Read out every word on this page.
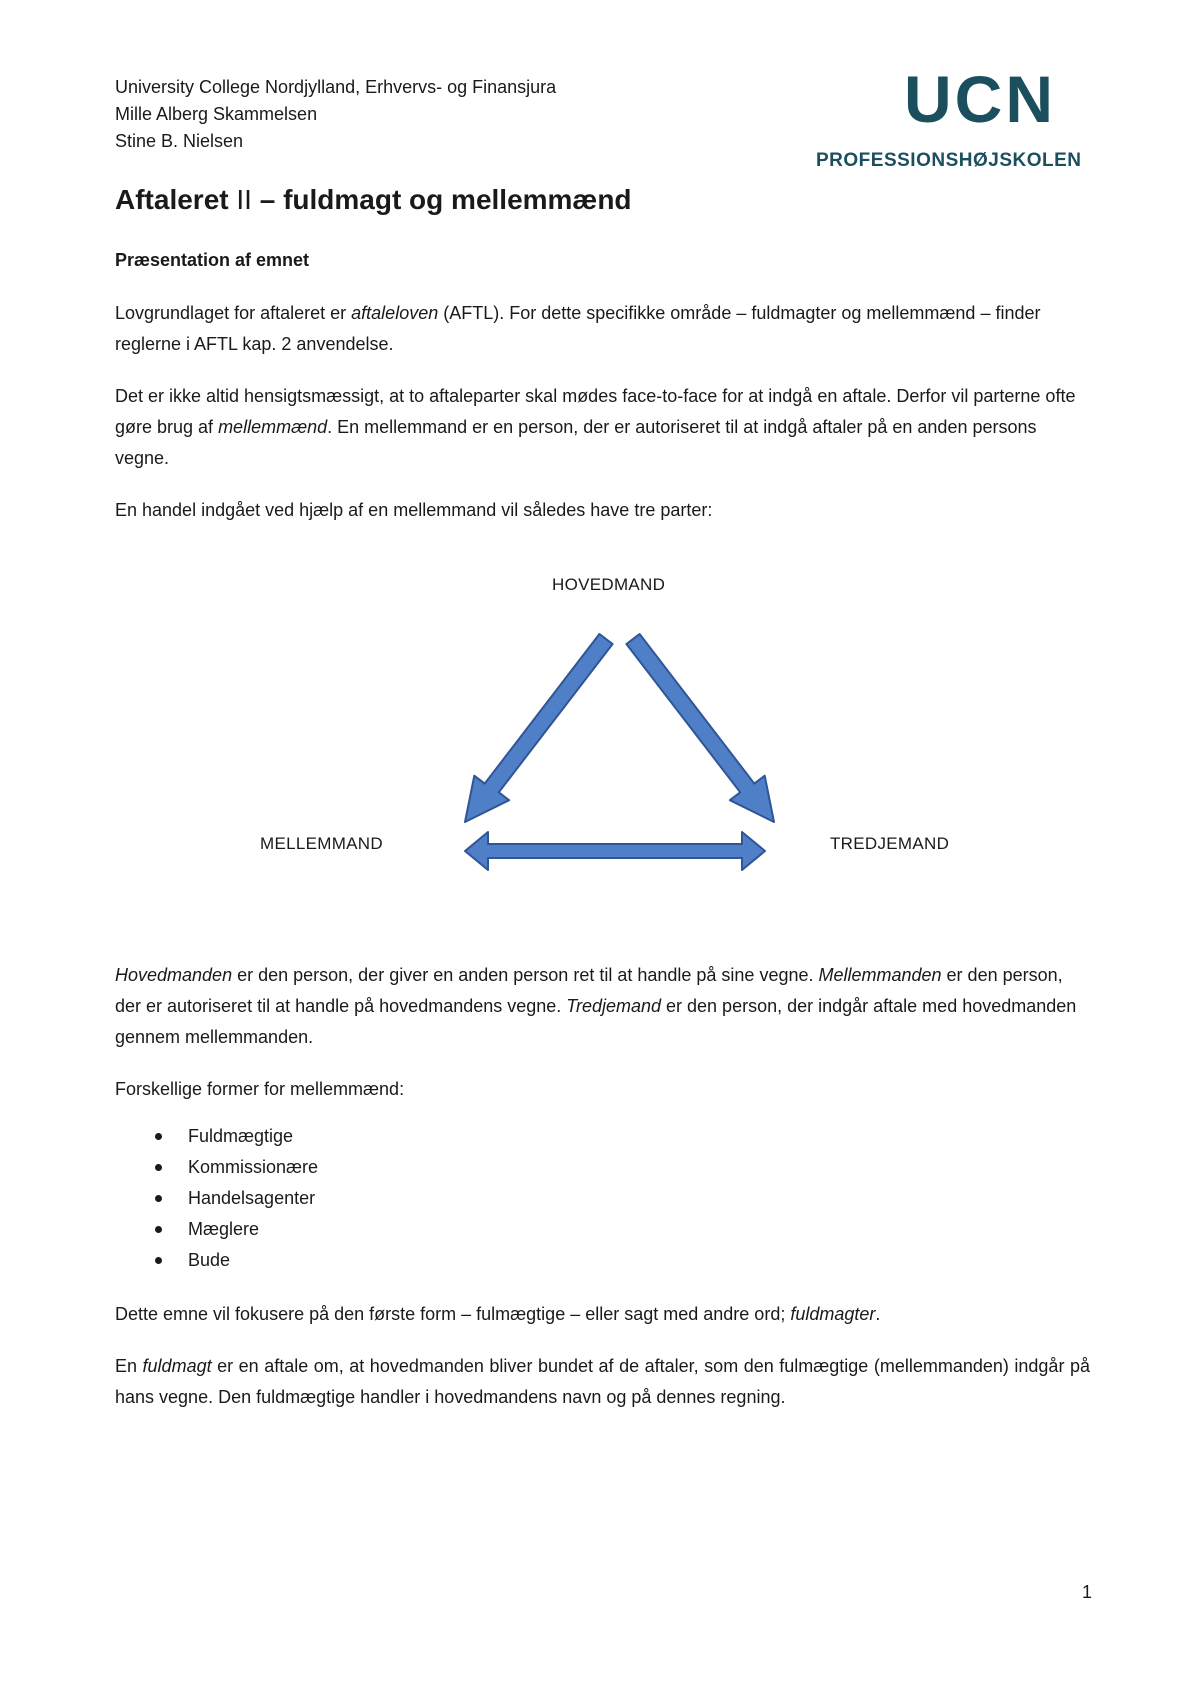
University College Nordjylland, Erhvervs- og Finansjura
Mille Alberg Skammelsen
Stine B. Nielsen
UCN
PROFESSIONSHØJSKOLEN
Aftaleret II – fuldmagt og mellemmænd
Præsentation af emnet

Lovgrundlaget for aftaleret er aftaleloven (AFTL). For dette specifikke område – fuldmagter og mellemmænd – finder reglerne i AFTL kap. 2 anvendelse.

Det er ikke altid hensigtsmæssigt, at to aftaleparter skal mødes face-to-face for at indgå en aftale. Derfor vil parterne ofte gøre brug af mellemmænd. En mellemmand er en person, der er autoriseret til at indgå aftaler på en anden persons vegne.

En handel indgået ved hjælp af en mellemmand vil således have tre parter:

HOVEDMAND
MELLEMMAND	TREDJEMAND

Hovedmanden er den person, der giver en anden person ret til at handle på sine vegne. Mellemmanden er den person, der er autoriseret til at handle på hovedmandens vegne. Tredjemand er den person, der indgår aftale med hovedmanden gennem mellemmanden.

Forskellige former for mellemmænd:

Fuldmægtige
Kommissionære
Handelsagenter
Mæglere
Bude

Dette emne vil fokusere på den første form – fulmægtige – eller sagt med andre ord; fuldmagter.

En fuldmagt er en aftale om, at hovedmanden bliver bundet af de aftaler, som den fulmægtige (mellemmanden) indgår på hans vegne. Den fuldmægtige handler i hovedmandens navn og på dennes regning.

1
